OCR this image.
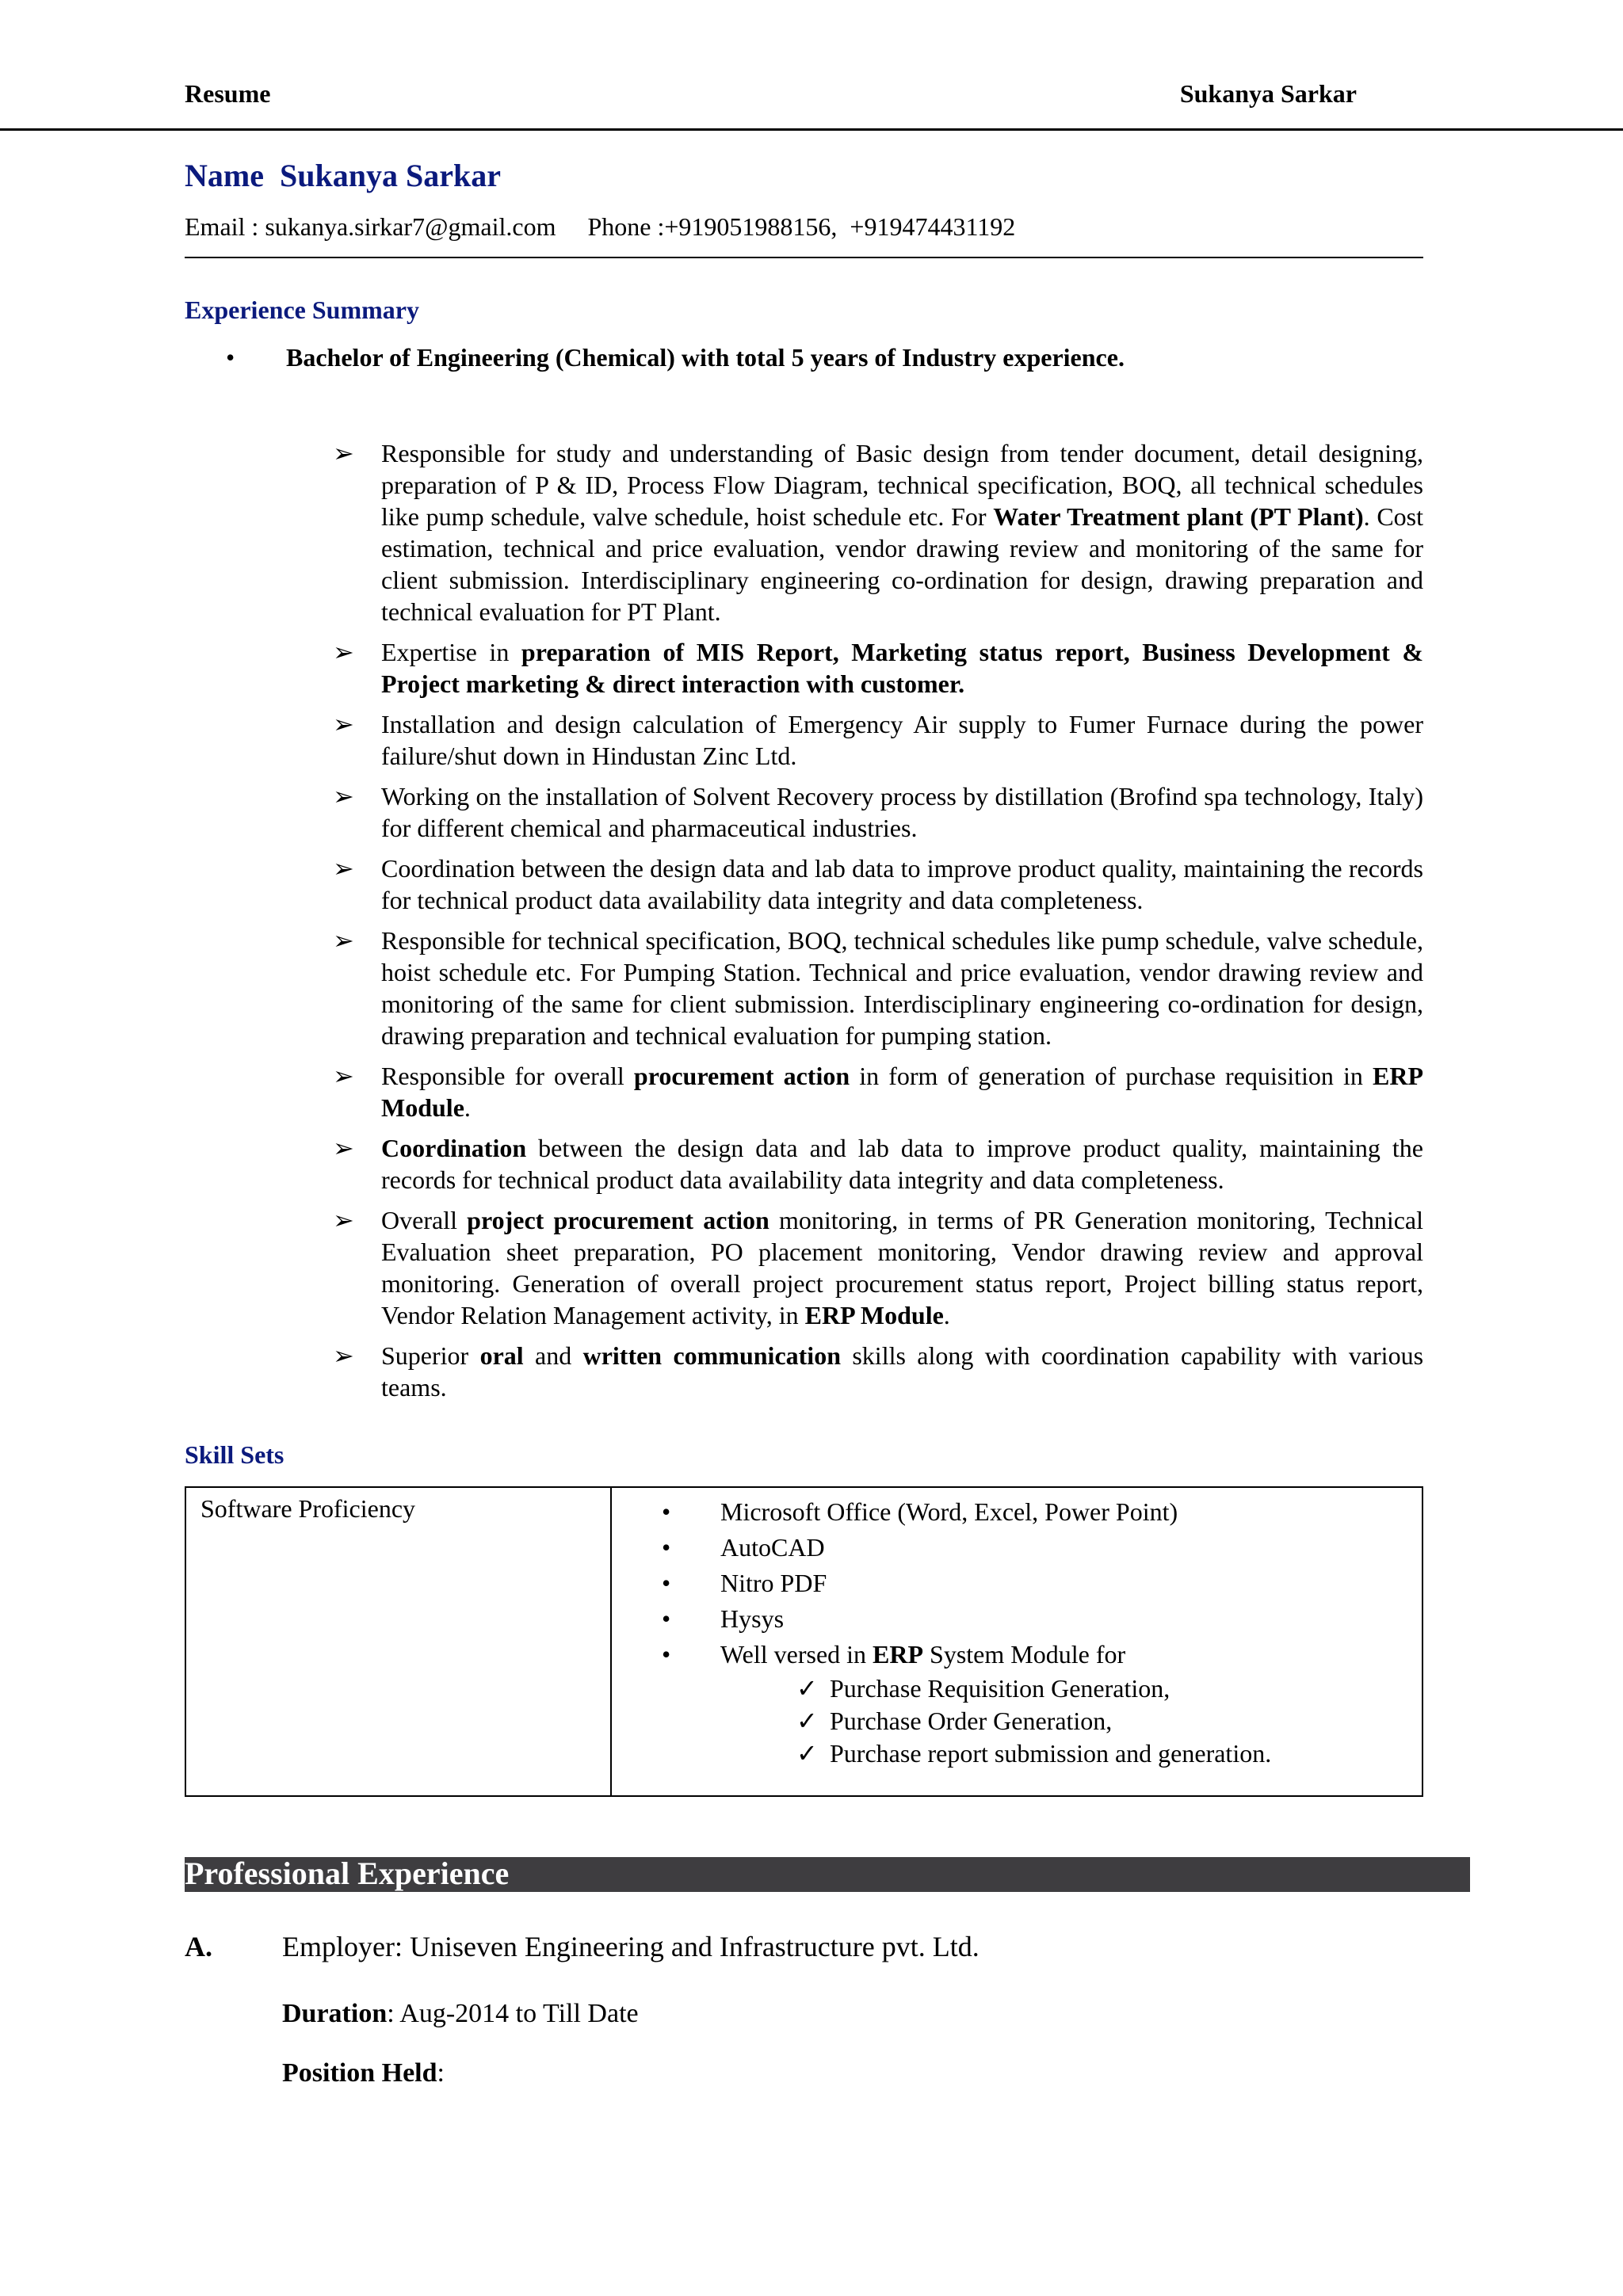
Resume	Sukanya Sarkar
Name Sukanya Sarkar
Email : sukanya.sirkar7@gmail.com Phone :+919051988156,  +919474431192
Experience Summary
• Bachelor of Engineering (Chemical) with total 5 years of Industry experience.
➢ Responsible for study and understanding of Basic design from tender document, detail designing, preparation of P & ID, Process Flow Diagram, technical specification, BOQ, all technical schedules like pump schedule, valve schedule, hoist schedule etc. For Water Treatment plant (PT Plant). Cost estimation, technical and price evaluation, vendor drawing review and monitoring of the same for client submission. Interdisciplinary engineering co-ordination for design, drawing preparation and technical evaluation for PT Plant.
➢ Expertise in preparation of MIS Report, Marketing status report, Business Development & Project marketing & direct interaction with customer.
➢ Installation and design calculation of Emergency Air supply to Fumer Furnace during the power failure/shut down in Hindustan Zinc Ltd.
➢ Working on the installation of Solvent Recovery process by distillation (Brofind spa technology, Italy) for different chemical and pharmaceutical industries.
➢ Coordination between the design data and lab data to improve product quality, maintaining the records for technical product data availability data integrity and data completeness.
➢ Responsible for technical specification, BOQ, technical schedules like pump schedule, valve schedule, hoist schedule etc. For Pumping Station. Technical and price evaluation, vendor drawing review and monitoring of the same for client submission. Interdisciplinary engineering co-ordination for design, drawing preparation and technical evaluation for pumping station.
➢ Responsible for overall procurement action in form of generation of purchase requisition in ERP Module.
➢ Coordination between the design data and lab data to improve product quality, maintaining the records for technical product data availability data integrity and data completeness.
➢ Overall project procurement action monitoring, in terms of PR Generation monitoring, Technical Evaluation sheet preparation, PO placement monitoring, Vendor drawing review and approval monitoring. Generation of overall project procurement status report, Project billing status report, Vendor Relation Management activity, in ERP Module.
➢ Superior oral and written communication skills along with coordination capability with various teams.
Skill Sets
Software Proficiency	• Microsoft Office (Word, Excel, Power Point)
• AutoCAD
• Nitro PDF
• Hysys
• Well versed in ERP System Module for
✓ Purchase Requisition Generation,
✓ Purchase Order Generation,
✓ Purchase report submission and generation.
Professional Experience
A. Employer: Uniseven Engineering and Infrastructure pvt. Ltd.
Duration: Aug-2014 to Till Date
Position Held:
